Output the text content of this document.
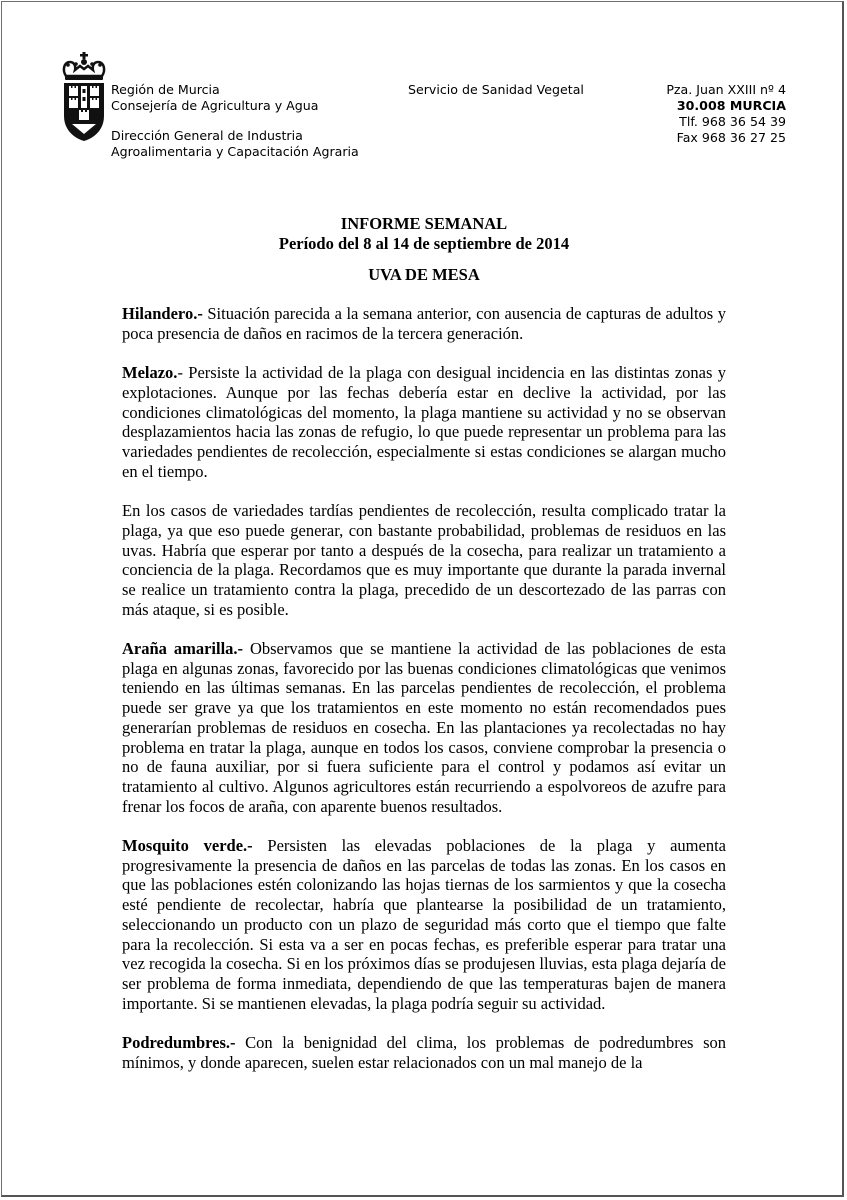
Región de Murcia
Consejería de Agricultura y Agua
Dirección General de Industria
Agroalimentaria y Capacitación Agraria
Servicio de Sanidad Vegetal	Pza. Juan XXIII nº 4
30.008 MURCIA
Tlf. 968 36 54 39
Fax 968 36 27 25
INFORME SEMANAL
Período del 8 al 14 de septiembre de 2014
UVA DE MESA

Hilandero.- Situación parecida a la semana anterior, con ausencia de capturas de adultos y poca presencia de daños en racimos de la tercera generación.

Melazo.- Persiste la actividad de la plaga con desigual incidencia en las distintas zonas y explotaciones. Aunque por las fechas debería estar en declive la actividad, por las condiciones climatológicas del momento, la plaga mantiene su actividad y no se observan desplazamientos hacia las zonas de refugio, lo que puede representar un problema para las variedades pendientes de recolección, especialmente si estas condiciones se alargan mucho en el tiempo.

En los casos de variedades tardías pendientes de recolección, resulta complicado tratar la plaga, ya que eso puede generar, con bastante probabilidad, problemas de residuos en las uvas. Habría que esperar por tanto a después de la cosecha, para realizar un tratamiento a conciencia de la plaga. Recordamos que es muy importante que durante la parada invernal se realice un tratamiento contra la plaga, precedido de un descortezado de las parras con más ataque, si es posible.

Araña amarilla.- Observamos que se mantiene la actividad de las poblaciones de esta plaga en algunas zonas, favorecido por las buenas condiciones climatológicas que venimos teniendo en las últimas semanas. En las parcelas pendientes de recolección, el problema puede ser grave ya que los tratamientos en este momento no están recomendados pues generarían problemas de residuos en cosecha. En las plantaciones ya recolectadas no hay problema en tratar la plaga, aunque en todos los casos, conviene comprobar la presencia o no de fauna auxiliar, por si fuera suficiente para el control y podamos así evitar un tratamiento al cultivo. Algunos agricultores están recurriendo a espolvoreos de azufre para frenar los focos de araña, con aparente buenos resultados.

Mosquito verde.- Persisten las elevadas poblaciones de la plaga y aumenta progresivamente la presencia de daños en las parcelas de todas las zonas. En los casos en que las poblaciones estén colonizando las hojas tiernas de los sarmientos y que la cosecha esté pendiente de recolectar, habría que plantearse la posibilidad de un tratamiento, seleccionando un producto con un plazo de seguridad más corto que el tiempo que falte para la recolección. Si esta va a ser en pocas fechas, es preferible esperar para tratar una vez recogida la cosecha. Si en los próximos días se produjesen lluvias, esta plaga dejaría de ser problema de forma inmediata, dependiendo de que las temperaturas bajen de manera importante. Si se mantienen elevadas, la plaga podría seguir su actividad.

Podredumbres.- Con la benignidad del clima, los problemas de podredumbres son mínimos, y donde aparecen, suelen estar relacionados con un mal manejo de la
